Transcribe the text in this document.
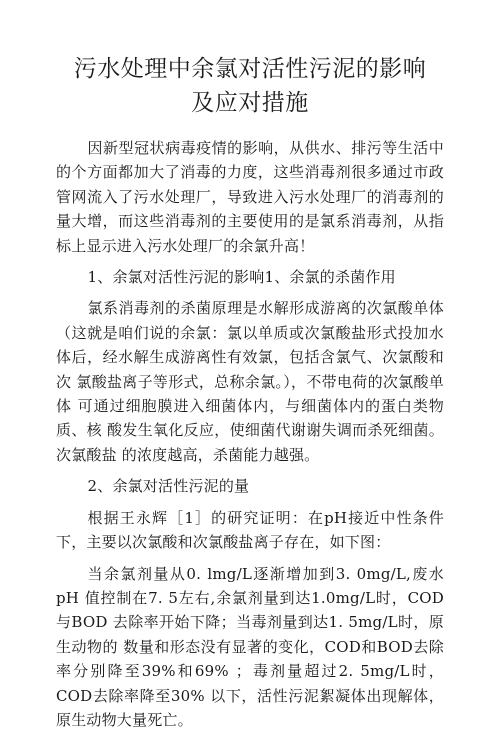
污水处理中余氯对活性污泥的影响及应对措施

因新型冠状病毒疫情的影响，从供水、排污等生活中的个方面都加大了消毒的力度，这些消毒剂很多通过市政管网流入了污水处理厂，导致进入污水处理厂的消毒剂的量大增，而这些消毒剂的主要使用的是氯系消毒剂，从指标上显示进入污水处理厂的余氯升高！

1、余氯对活性污泥的影响1、余氯的杀菌作用

氯系消毒剂的杀菌原理是水解形成游离的次氯酸单体（这就是咱们说的余氯：氯以单质或次氯酸盐形式投加水体后，经水解生成游离性有效氯，包括含氯气、次氯酸和次 氯酸盐离子等形式，总称余氯。），不带电荷的次氯酸单体 可通过细胞膜进入细菌体内，与细菌体内的蛋白类物质、核 酸发生氧化反应，使细菌代谢谢失调而杀死细菌。次氯酸盐 的浓度越高，杀菌能力越强。

2、余氯对活性污泥的量

根据王永辉［1］的研究证明：在pH接近中性条件下，主要以次氯酸和次氯酸盐离子存在，如下图：

当余氯剂量从0. lmg/L逐渐增加到3. 0mg/L,废水pH 值控制在7. 5左右,余氯剂量到达1.0mg/L时，COD与BOD 去除率开始下降；当毒剂量到达1. 5mg/L时，原生动物的 数量和形态没有显著的变化，COD和BOD去除率分别降至39%和69% ；毒剂量超过2. 5mg/L时，COD去除率降至30% 以下，活性污泥絮凝体出现解体，原生动物大量死亡。
